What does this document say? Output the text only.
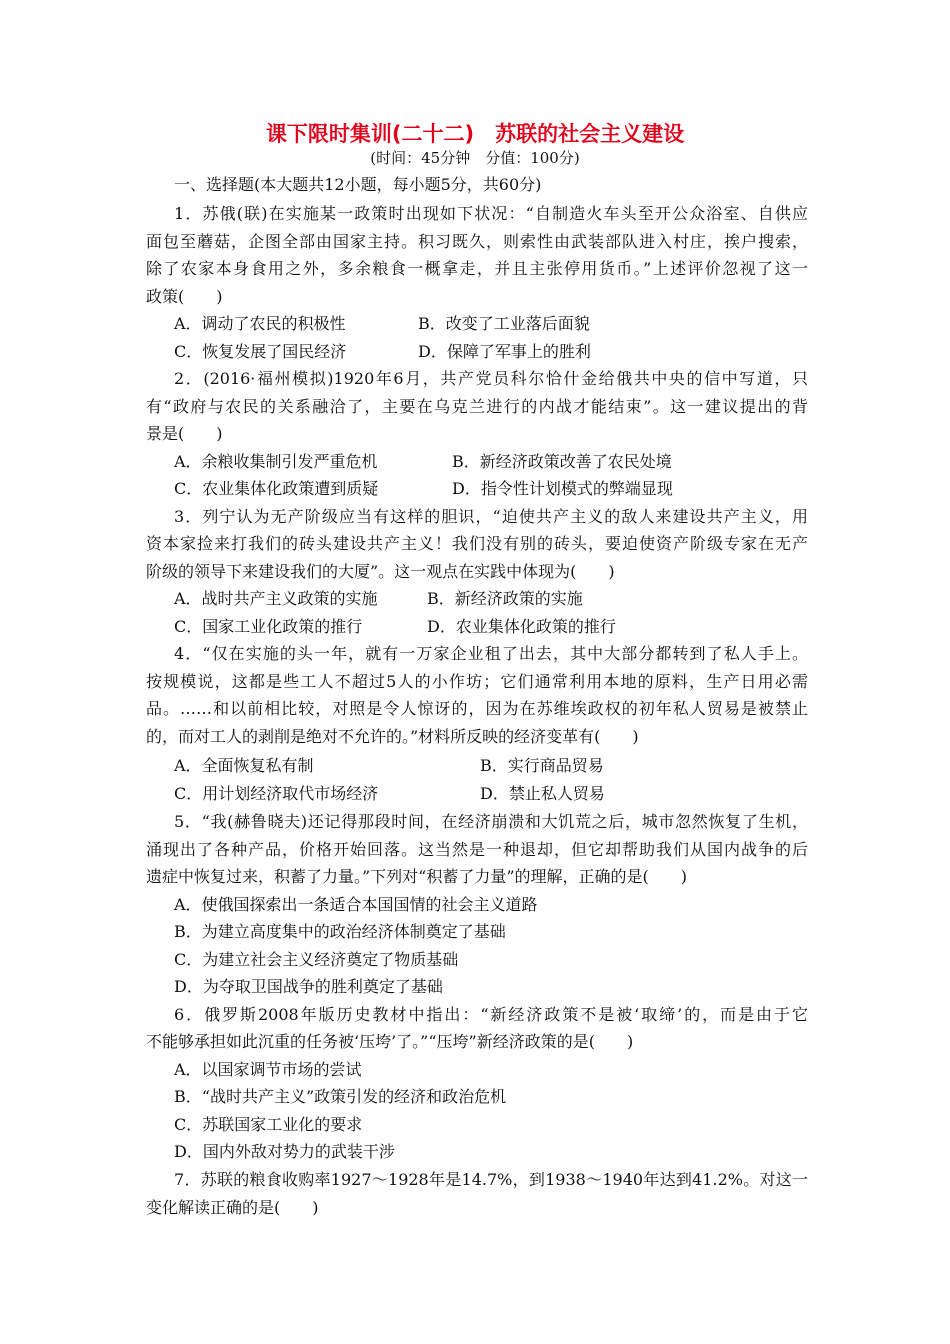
课下限时集训(二十二)　苏联的社会主义建设
(时间：45分钟　分值：100分)
一、选择题(本大题共12小题，每小题5分，共60分)
1．苏俄(联)在实施某一政策时出现如下状况：“自制造火车头至开公众浴室、自供应
面包至蘑菇，企图全部由国家主持。积习既久，则索性由武装部队进入村庄，挨户搜索，
除了农家本身食用之外，多余粮食一概拿走，并且主张停用货币。”上述评价忽视了这一
政策(　　)
A．调动了农民的积极性	B．改变了工业落后面貌
C．恢复发展了国民经济	D．保障了军事上的胜利
2．(2016·福州模拟)1920年6月，共产党员科尔恰什金给俄共中央的信中写道，只
有“政府与农民的关系融洽了，主要在乌克兰进行的内战才能结束”。这一建议提出的背
景是(　　)
A．余粮收集制引发严重危机	B．新经济政策改善了农民处境
C．农业集体化政策遭到质疑	D．指令性计划模式的弊端显现
3．列宁认为无产阶级应当有这样的胆识，“迫使共产主义的敌人来建设共产主义，用
资本家捡来打我们的砖头建设共产主义！我们没有别的砖头，要迫使资产阶级专家在无产
阶级的领导下来建设我们的大厦”。这一观点在实践中体现为(　　)
A．战时共产主义政策的实施	B．新经济政策的实施
C．国家工业化政策的推行	D．农业集体化政策的推行
4．“仅在实施的头一年，就有一万家企业租了出去，其中大部分都转到了私人手上。
按规模说，这都是些工人不超过5人的小作坊；它们通常利用本地的原料，生产日用必需
品。……和以前相比较，对照是令人惊讶的，因为在苏维埃政权的初年私人贸易是被禁止
的，而对工人的剥削是绝对不允许的。”材料所反映的经济变革有(　　)
A．全面恢复私有制	B．实行商品贸易
C．用计划经济取代市场经济	D．禁止私人贸易
5．“我(赫鲁晓夫)还记得那段时间，在经济崩溃和大饥荒之后，城市忽然恢复了生机，
涌现出了各种产品，价格开始回落。这当然是一种退却，但它却帮助我们从国内战争的后
遗症中恢复过来，积蓄了力量。”下列对“积蓄了力量”的理解，正确的是(　　)
A．使俄国探索出一条适合本国国情的社会主义道路
B．为建立高度集中的政治经济体制奠定了基础
C．为建立社会主义经济奠定了物质基础
D．为夺取卫国战争的胜利奠定了基础
6．俄罗斯2008年版历史教材中指出：“新经济政策不是被‘取缔’的，而是由于它
不能够承担如此沉重的任务被‘压垮’了。”“压垮”新经济政策的是(　　)
A．以国家调节市场的尝试
B．“战时共产主义”政策引发的经济和政治危机
C．苏联国家工业化的要求
D．国内外敌对势力的武装干涉
7．苏联的粮食收购率1927～1928年是14.7%，到1938～1940年达到41.2%。对这一
变化解读正确的是(　　)
